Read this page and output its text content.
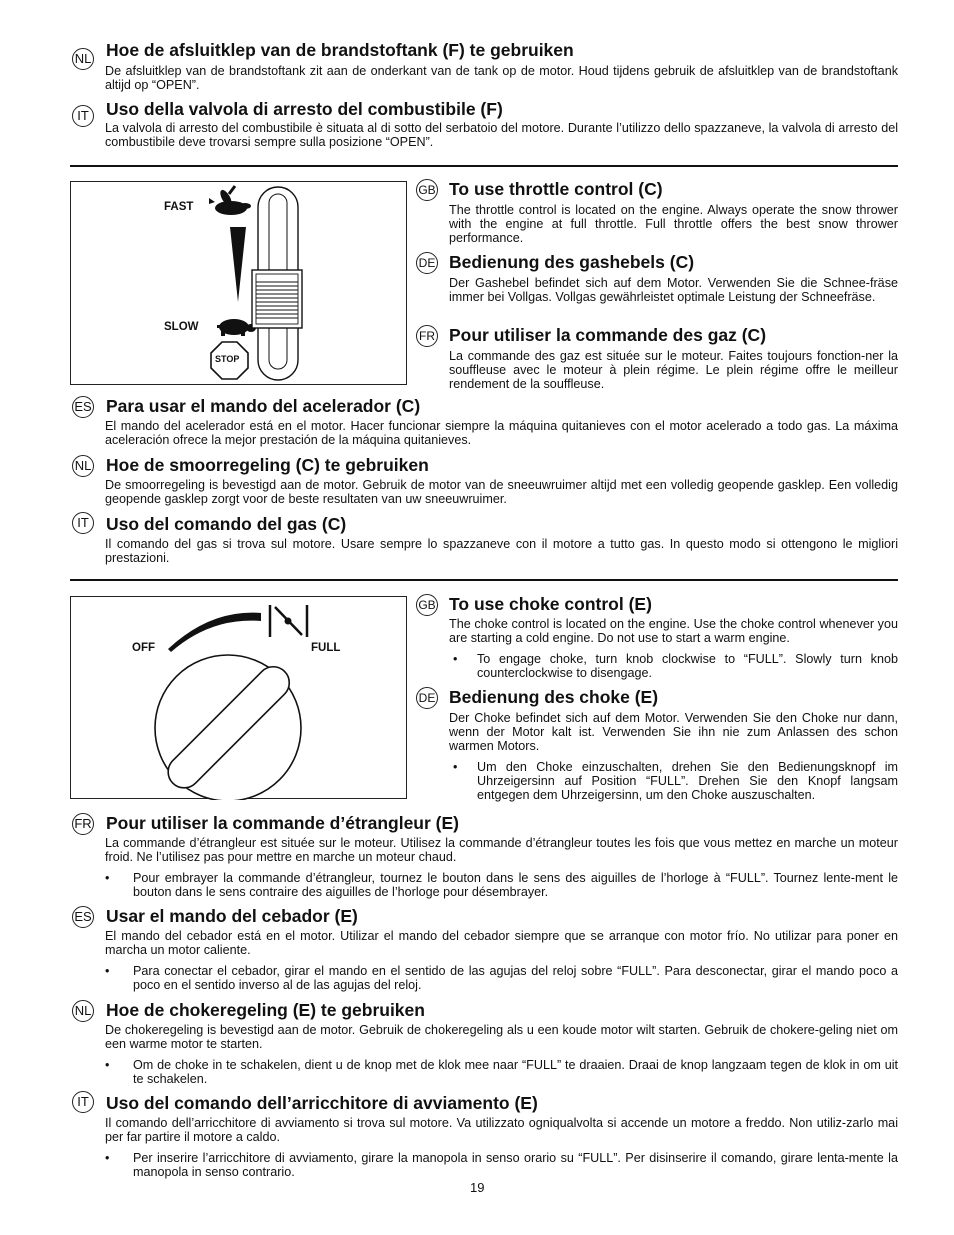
NL Hoe de afsluitklep van de brandstoftank (F) te gebruiken

De afsluitklep van de brandstoftank zit aan de onderkant van de tank op de motor. Houd tijdens gebruik de afsluitklep van de brandstoftank altijd op “OPEN”.

IT Uso della valvola di arresto del combustibile (F)

La valvola di arresto del combustibile è situata al di sotto del serbatoio del motore. Durante l’utilizzo dello spazzaneve, la valvola di arresto del combustibile deve trovarsi sempre sulla posizione “OPEN”.

FAST
SLOW
STOP
GB To use throttle control (C)

The throttle control is located on the engine. Always operate the snow thrower with the engine at full throttle. Full throttle offers the best snow thrower performance.

DE Bedienung des gashebels (C)

Der Gashebel befindet sich auf dem Motor. Verwenden Sie die Schnee-fräse immer bei Vollgas. Vollgas gewährleistet optimale Leistung der Schneefräse.

FR Pour utiliser la commande des gaz (C)

La commande des gaz est située sur le moteur. Faites toujours fonction-ner la souffleuse avec le moteur à plein régime. Le plein régime offre le meilleur rendement de la souffleuse.

ES Para usar el mando del acelerador (C)

El mando del acelerador está en el motor. Hacer funcionar siempre la máquina quitanieves con el motor acelerado a todo gas. La máxima aceleración ofrece la mejor prestación de la máquina quitanieves.

NL Hoe de smoorregeling (C) te gebruiken

De smoorregeling is bevestigd aan de motor. Gebruik de motor van de sneeuwruimer altijd met een volledig geopende gasklep. Een volledig geopende gasklep zorgt voor de beste resultaten van uw sneeuwruimer.

IT Uso del comando del gas (C)

Il comando del gas si trova sul motore. Usare sempre lo spazzaneve con il motore a tutto gas. In questo modo si ottengono le migliori prestazioni.

OFF	FULL
GB To use choke control (E)

The choke control is located on the engine. Use the choke control whenever you are starting a cold engine. Do not use to start a warm engine.

• To engage choke, turn knob clockwise to “FULL”. Slowly turn knob counterclockwise to disengage.
DE Bedienung des choke (E)

Der Choke befindet sich auf dem Motor. Verwenden Sie den Choke nur dann, wenn der Motor kalt ist. Verwenden Sie ihn nie zum Anlassen des schon warmen Motors.

• Um den Choke einzuschalten, drehen Sie den Bedienungsknopf im Uhrzeigersinn auf Position “FULL”. Drehen Sie den Knopf langsam entgegen dem Uhrzeigersinn, um den Choke auszuschalten.
FR Pour utiliser la commande d’étrangleur (E)

La commande d’étrangleur est située sur le moteur. Utilisez la commande d’étrangleur toutes les fois que vous mettez en marche un moteur froid. Ne l’utilisez pas pour mettre en marche un moteur chaud.

• Pour embrayer la commande d’étrangleur, tournez le bouton dans le sens des aiguilles de l’horloge à “FULL”. Tournez lente-ment le bouton dans le sens contraire des aiguilles de l’horloge pour désembrayer.
ES Usar el mando del cebador (E)

El mando del cebador está en el motor. Utilizar el mando del cebador siempre que se arranque con motor frío. No utilizar para poner en marcha un motor caliente.

• Para conectar el cebador, girar el mando en el sentido de las agujas del reloj sobre “FULL”. Para desconectar, girar el mando poco a poco en el sentido inverso al de las agujas del reloj.
NL Hoe de chokeregeling (E) te gebruiken

De chokeregeling is bevestigd aan de motor. Gebruik de chokeregeling als u een koude motor wilt starten. Gebruik de chokere-geling niet om een warme motor te starten.

• Om de choke in te schakelen, dient u de knop met de klok mee naar “FULL” te draaien. Draai de knop langzaam tegen de klok in om uit te schakelen.
IT Uso del comando dell’arricchitore di avviamento (E)

Il comando dell’arricchitore di avviamento si trova sul motore. Va utilizzato ogniqualvolta si accende un motore a freddo. Non utiliz-zarlo mai per far partire il motore a caldo.

• Per inserire l’arricchitore di avviamento, girare la manopola in senso orario su “FULL”. Per disinserire il comando, girare lenta-mente la manopola in senso contrario.
19
